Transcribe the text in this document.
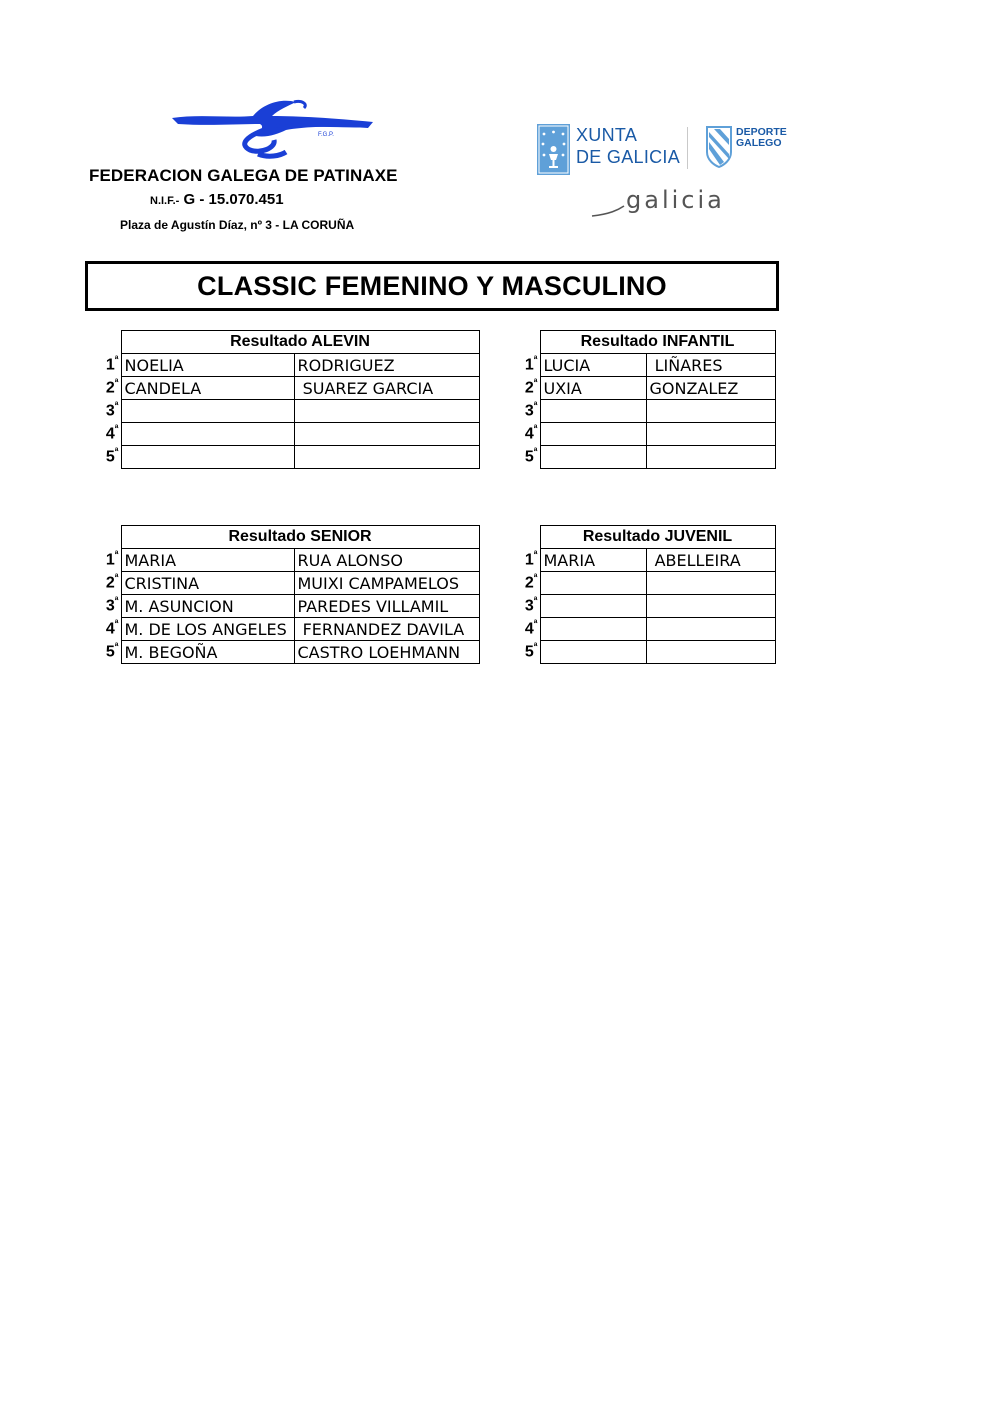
F.G.P.
FEDERACION GALEGA DE PATINAXE
N.I.F.- G - 15.070.451
Plaza de Agustín Díaz, nº 3 - LA CORUÑA
XUNTA
DE GALICIA
DEPORTE
GALEGO
galicia
CLASSIC FEMENINO Y MASCULINO
	Resultado ALEVIN	
$1^ª$	NOELIA	RODRIGUEZ
$2^ª$	CANDELA	SUAREZ GARCIA
$3^ª$		
$4^ª$		
$5^ª$		
	Resultado INFANTIL	
$1^ª$	LUCIA	LIÑARES
$2^ª$	UXIA	GONZALEZ
$3^ª$		
$4^ª$		
$5^ª$		
	Resultado SENIOR	
$1^ª$	MARIA	RUA ALONSO
$2^ª$	CRISTINA	MUIXI CAMPAMELOS
$3^ª$	M. ASUNCION	PAREDES VILLAMIL
$4^ª$	M. DE LOS ANGELES	FERNANDEZ DAVILA
$5^ª$	M. BEGOÑA	CASTRO LOEHMANN
	Resultado JUVENIL	
$1^ª$	MARIA	ABELLEIRA
$2^ª$		
$3^ª$		
$4^ª$		
$5^ª$		
